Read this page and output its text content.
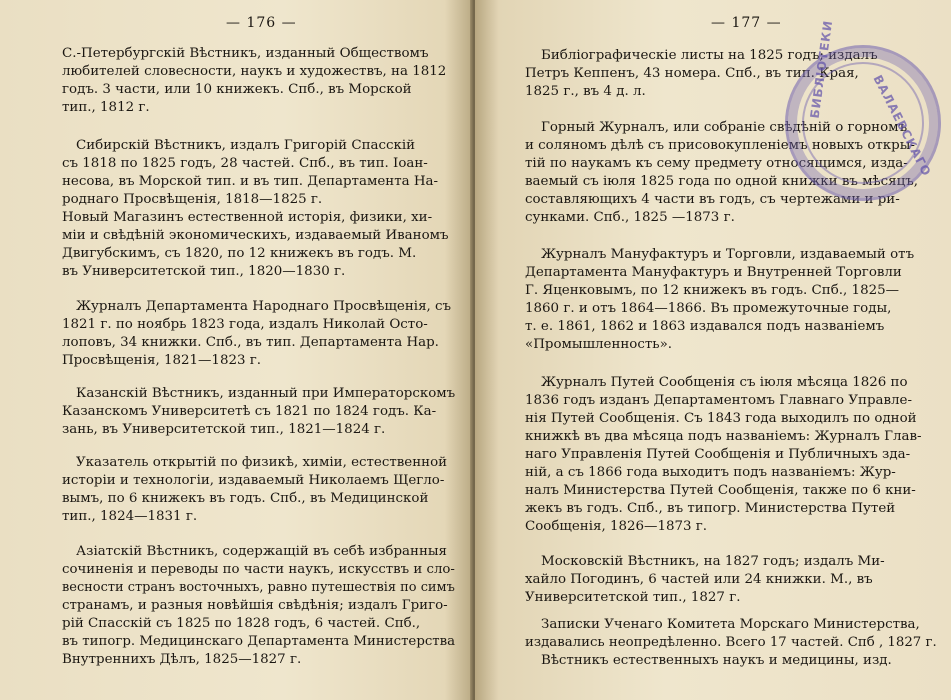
— 176 —
С.-Петербургскій Вѣстникъ, изданный Обществомъ
любителей словесности, наукъ и художествъ, на 1812
годъ. 3 части, или 10 книжекъ. Спб., въ Морской
тип., 1812 г.
Сибирскій Вѣстникъ, издалъ Григорій Спасскій
съ 1818 по 1825 годъ, 28 частей. Спб., въ тип. Іоан-
несова, въ Морской тип. и въ тип. Департамента На-
роднаго Просвѣщенія, 1818—1825 г.
Новый Магазинъ естественной исторія, физики, хи-
міи и свѣдѣній экономическихъ, издаваемый Иваномъ
Двигубскимъ, съ 1820, по 12 книжекъ въ годъ. М.
въ Университетской тип., 1820—1830 г.
Журналъ Департамента Народнаго Просвѣщенія, съ
1821 г. по ноябрь 1823 года, издалъ Николай Осто-
лоповъ, 34 книжки. Спб., въ тип. Департамента Нар.
Просвѣщенія, 1821—1823 г.
Казанскій Вѣстникъ, изданный при Императорскомъ
Казанскомъ Университетѣ съ 1821 по 1824 годъ. Ка-
зань, въ Университетской тип., 1821—1824 г.
Указатель открытій по физикѣ, химіи, естественной
исторіи и технологіи, издаваемый Николаемъ Щегло-
вымъ, по 6 книжекъ въ годъ. Спб., въ Медицинской
тип., 1824—1831 г.
Азіатскій Вѣстникъ, содержащій въ себѣ избранныя
сочиненія и переводы по части наукъ, искусствъ и сло-
весности странъ восточныхъ, равно путешествія по симъ
странамъ, и разныя новѣйшія свѣдѣнія; издалъ Григо-
рій Спасскій съ 1825 по 1828 годъ, 6 частей. Спб.,
въ типогр. Медицинскаго Департамента Министерства
Внутреннихъ Дѣлъ, 1825—1827 г.
— 177 —
Библіографическіе листы на 1825 годъ; издалъ
Петръ Кеппенъ, 43 номера. Спб., въ тип. Края,
1825 г., въ 4 д. л.
Горный Журналъ, или собраніе свѣдѣній о горномъ
и соляномъ дѣлѣ съ присовокупленіемъ новыхъ откры-
тій по наукамъ къ сему предмету относящимся, изда-
ваемый съ іюля 1825 года по одной книжки въ мѣсяцъ,
составляющихъ 4 части въ годъ, съ чертежами и ри-
сунками. Спб., 1825 —1873 г.
Журналъ Мануфактуръ и Торговли, издаваемый отъ
Департамента Мануфактуръ и Внутренней Торговли
Г. Яценковымъ, по 12 книжекъ въ годъ. Спб., 1825—
1860 г. и отъ 1864—1866. Въ промежуточные годы,
т. е. 1861, 1862 и 1863 издавался подъ названіемъ
«Промышленность».
Журналъ Путей Сообщенія съ іюля мѣсяца 1826 по
1836 годъ изданъ Департаментомъ Главнаго Управле-
нія Путей Сообщенія. Съ 1843 года выходилъ по одной
книжкѣ въ два мѣсяца подъ названіемъ: Журналъ Глав-
наго Управленія Путей Сообщенія и Публичныхъ зда-
ній, а съ 1866 года выходитъ подъ названіемъ: Жур-
налъ Министерства Путей Сообщенія, также по 6 кни-
жекъ въ годъ. Спб., въ типогр. Министерства Путей
Сообщенія, 1826—1873 г.
Московскій Вѣстникъ, на 1827 годъ; издалъ Ми-
хайло Погодинъ, 6 частей или 24 книжки. М., въ
Университетской тип., 1827 г.
Записки Ученаго Комитета Морскаго Министерства,
издавались неопредѣленно. Всего 17 частей. Спб , 1827 г.
Вѣстникъ естественныхъ наукъ и медицины, изд.
БИБЛІОТЕКИ
ВАЛАЕВСКАГО
